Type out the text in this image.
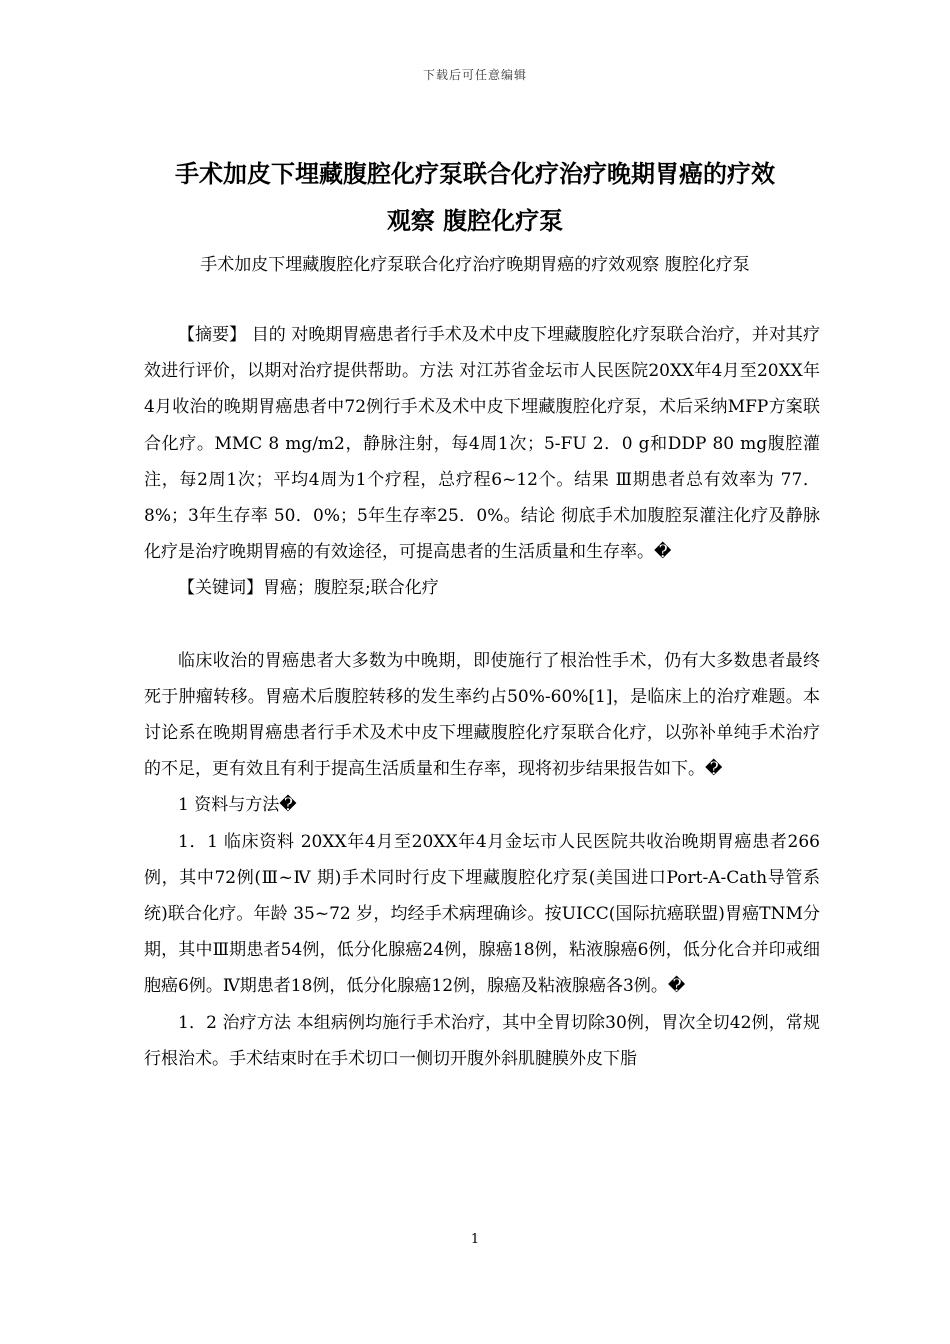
下载后可任意编辑
手术加皮下埋藏腹腔化疗泵联合化疗治疗晚期胃癌的疗效
观察 腹腔化疗泵
手术加皮下埋藏腹腔化疗泵联合化疗治疗晚期胃癌的疗效观察 腹腔化疗泵

【摘要】 目的 对晚期胃癌患者行手术及术中皮下埋藏腹腔化疗泵联合治疗，并对其疗效进行评价，以期对治疗提供帮助。方法 对江苏省金坛市人民医院20XX年4月至20XX年4月收治的晚期胃癌患者中72例行手术及术中皮下埋藏腹腔化疗泵，术后采纳MFP方案联合化疗。MMC 8 mg/m2，静脉注射，每4周1次；5-FU 2．0 g和DDP 80 mg腹腔灌注，每2周1次；平均4周为1个疗程，总疗程6~12个。结果 Ⅲ期患者总有效率为 77．8%；3年生存率 50．0%；5年生存率25．0%。结论 彻底手术加腹腔泵灌注化疗及静脉化疗是治疗晚期胃癌的有效途径，可提高患者的生活质量和生存率。�

【关键词】胃癌；腹腔泵;联合化疗

临床收治的胃癌患者大多数为中晚期，即使施行了根治性手术，仍有大多数患者最终死于肿瘤转移。胃癌术后腹腔转移的发生率约占50%-60%[1]，是临床上的治疗难题。本讨论系在晚期胃癌患者行手术及术中皮下埋藏腹腔化疗泵联合化疗，以弥补单纯手术治疗的不足，更有效且有利于提高生活质量和生存率，现将初步结果报告如下。�

1 资料与方法�

1．1 临床资料 20XX年4月至20XX年4月金坛市人民医院共收治晚期胃癌患者266例，其中72例(Ⅲ~Ⅳ 期)手术同时行皮下埋藏腹腔化疗泵(美国进口Port-A-Cath导管系统)联合化疗。年龄 35~72 岁，均经手术病理确诊。按UICC(国际抗癌联盟)胃癌TNM分期，其中Ⅲ期患者54例，低分化腺癌24例，腺癌18例，粘液腺癌6例，低分化合并印戒细胞癌6例。Ⅳ期患者18例，低分化腺癌12例，腺癌及粘液腺癌各3例。�

1．2 治疗方法 本组病例均施行手术治疗，其中全胃切除30例，胃次全切42例，常规行根治术。手术结束时在手术切口一侧切开腹外斜肌腱膜外皮下脂

1
